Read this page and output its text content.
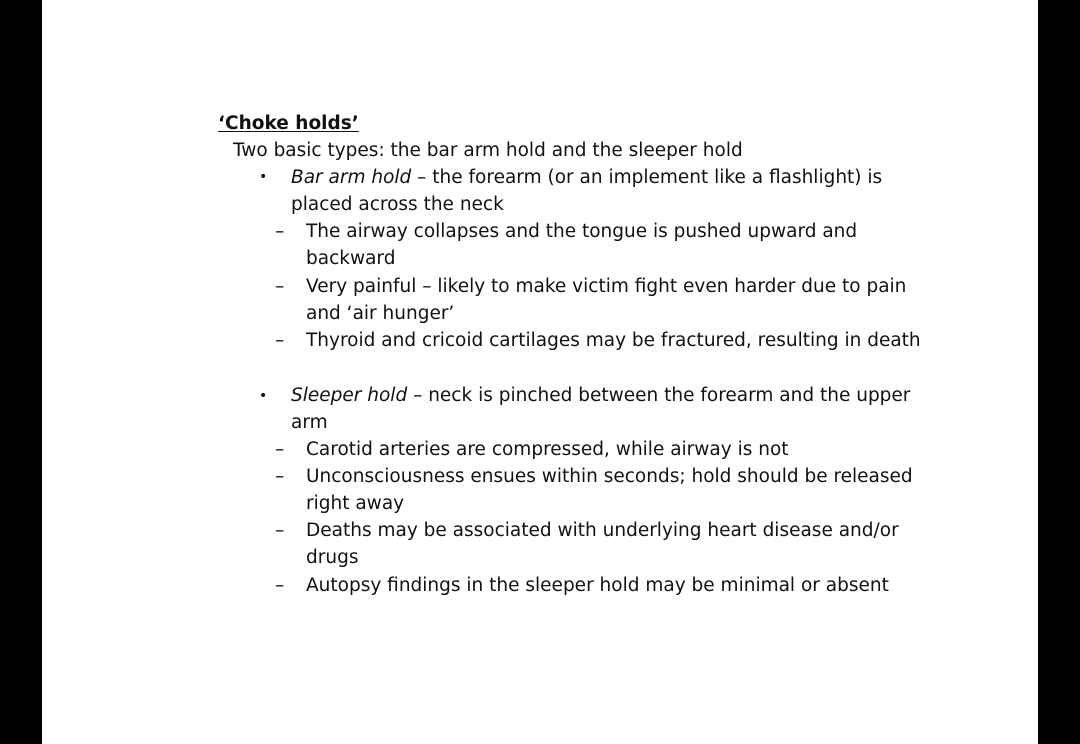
‘Choke holds’
Two basic types: the bar arm hold and the sleeper hold
• Bar arm hold – the forearm (or an implement like a flashlight) is
placed across the neck
– The airway collapses and the tongue is pushed upward and
backward
– Very painful – likely to make victim fight even harder due to pain
and ‘air hunger’
– Thyroid and cricoid cartilages may be fractured, resulting in death
• Sleeper hold – neck is pinched between the forearm and the upper
arm
– Carotid arteries are compressed, while airway is not
– Unconsciousness ensues within seconds; hold should be released
right away
– Deaths may be associated with underlying heart disease and/or
drugs
– Autopsy findings in the sleeper hold may be minimal or absent
